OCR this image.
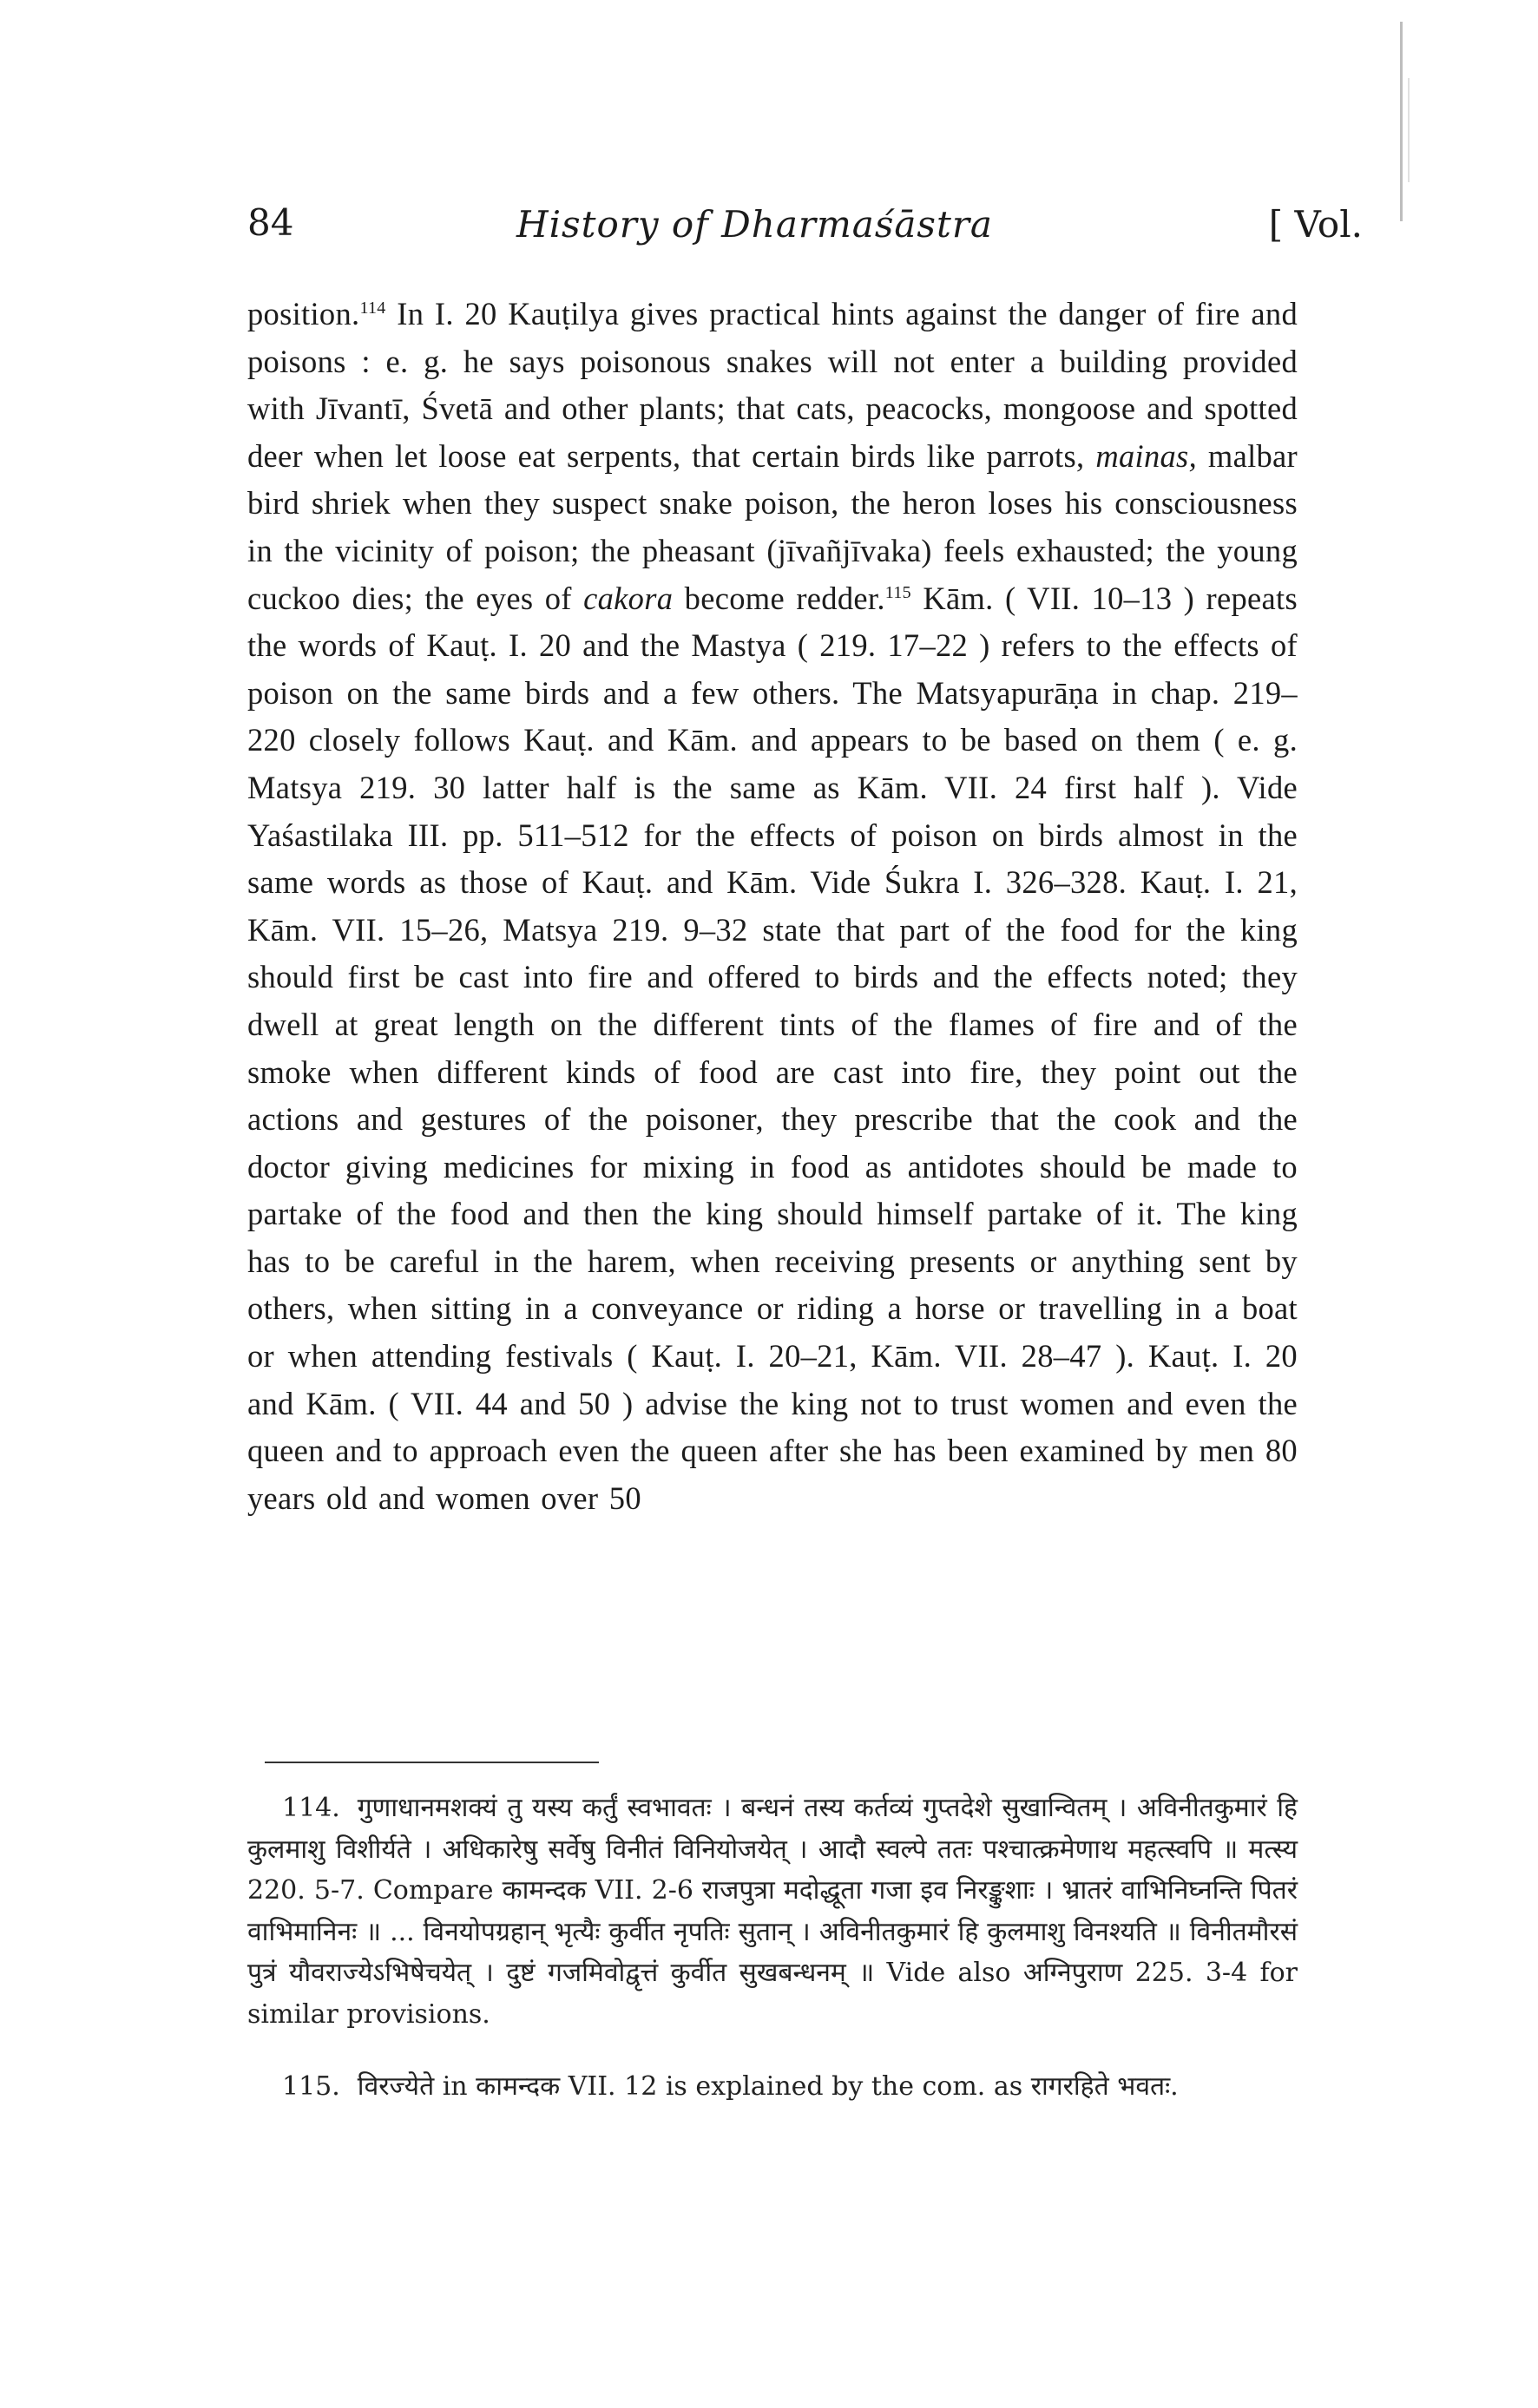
84	History of Dharmaśāstra	[ Vol.

position.$^{114}$ In I. 20 Kauṭilya gives practical hints against the danger of fire and poisons : e. g. he says poisonous snakes will not enter a building provided with Jīvantī, Śvetā and other plants; that cats, peacocks, mongoose and spotted deer when let loose eat serpents, that certain birds like parrots, mainas, malbar bird shriek when they suspect snake poison, the heron loses his consciousness in the vicinity of poison; the pheasant (jīvañjīvaka) feels exhausted; the young cuckoo dies; the eyes of cakora become redder.$^{115}$ Kām. ( VII. 10–13 ) repeats the words of Kauṭ. I. 20 and the Mastya ( 219. 17–22 ) refers to the effects of poison on the same birds and a few others. The Matsyapurāṇa in chap. 219–220 closely follows Kauṭ. and Kām. and appears to be based on them ( e. g. Matsya 219. 30 latter half is the same as Kām. VII. 24 first half ). Vide Yaśastilaka III. pp. 511–512 for the effects of poison on birds almost in the same words as those of Kauṭ. and Kām. Vide Śukra I. 326–328. Kauṭ. I. 21, Kām. VII. 15–26, Matsya 219. 9–32 state that part of the food for the king should first be cast into fire and offered to birds and the effects noted; they dwell at great length on the different tints of the flames of fire and of the smoke when different kinds of food are cast into fire, they point out the actions and gestures of the poisoner, they prescribe that the cook and the doctor giving medicines for mixing in food as antidotes should be made to partake of the food and then the king should himself partake of it. The king has to be careful in the harem, when receiving presents or anything sent by others, when sitting in a conveyance or riding a horse or travelling in a boat or when attending festivals ( Kauṭ. I. 20–21, Kām. VII. 28–47 ). Kauṭ. I. 20 and Kām. ( VII. 44 and 50 ) advise the king not to trust women and even the queen and to approach even the queen after she has been examined by men 80 years old and women over 50

114. गुणाधानमशक्यं तु यस्य कर्तुं स्वभावतः । बन्धनं तस्य कर्तव्यं गुप्तदेशे सुखान्वितम् । अविनीतकुमारं हि कुलमाशु विशीर्यते । अधिकारेषु सर्वेषु विनीतं विनियोजयेत् । आदौ स्वल्पे ततः पश्चात्क्रमेणाथ महत्स्वपि ॥ मत्स्य 220. 5-7. Compare कामन्दक VII. 2-6 राजपुत्रा मदोद्धूता गजा इव निरङ्कुशाः । भ्रातरं वाभिनिघ्नन्ति पितरं वाभिमानिनः ॥ ... विनयोपग्रहान् भृत्यैः कुर्वीत नृपतिः सुतान् । अविनीतकुमारं हि कुलमाशु विनश्यति ॥ विनीतमौरसं पुत्रं यौवराज्येऽभिषेचयेत् । दुष्टं गजमिवोद्वृत्तं कुर्वीत सुखबन्धनम् ॥ Vide also अग्निपुराण 225. 3-4 for similar provisions.

115. विरज्येते in कामन्दक VII. 12 is explained by the com. as रागरहिते भवतः.
